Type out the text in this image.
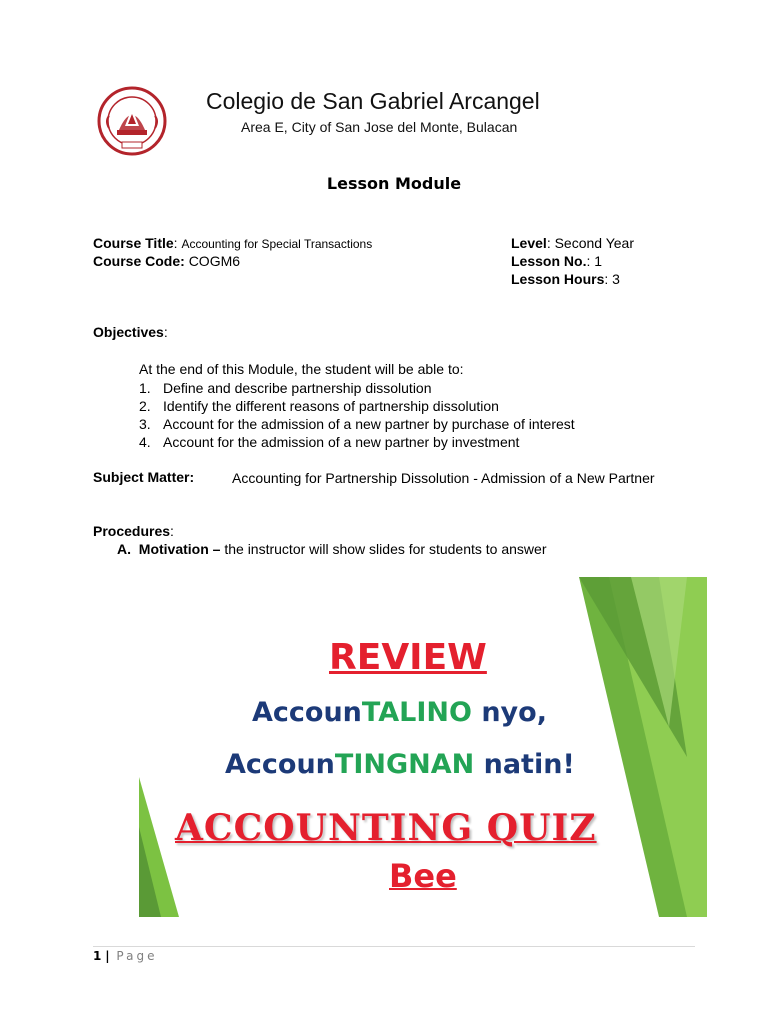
Colegio de San Gabriel Arcangel
Area E, City of San Jose del Monte, Bulacan
Lesson Module
Course Title: Accounting for Special Transactions
Course Code: COGM6
Level: Second Year
Lesson No.: 1
Lesson Hours: 3
Objectives:
At the end of this Module, the student will be able to:
1. Define and describe partnership dissolution
2. Identify the different reasons of partnership dissolution
3. Account for the admission of a new partner by purchase of interest
4. Account for the admission of a new partner by investment
Subject Matter:	Accounting for Partnership Dissolution - Admission of a New Partner
Procedures:
A. Motivation – the instructor will show slides for students to answer
REVIEW
AccounTALINO nyo,
AccounTINGNAN natin!
ACCOUNTING QUIZ
Bee
1 | Page
